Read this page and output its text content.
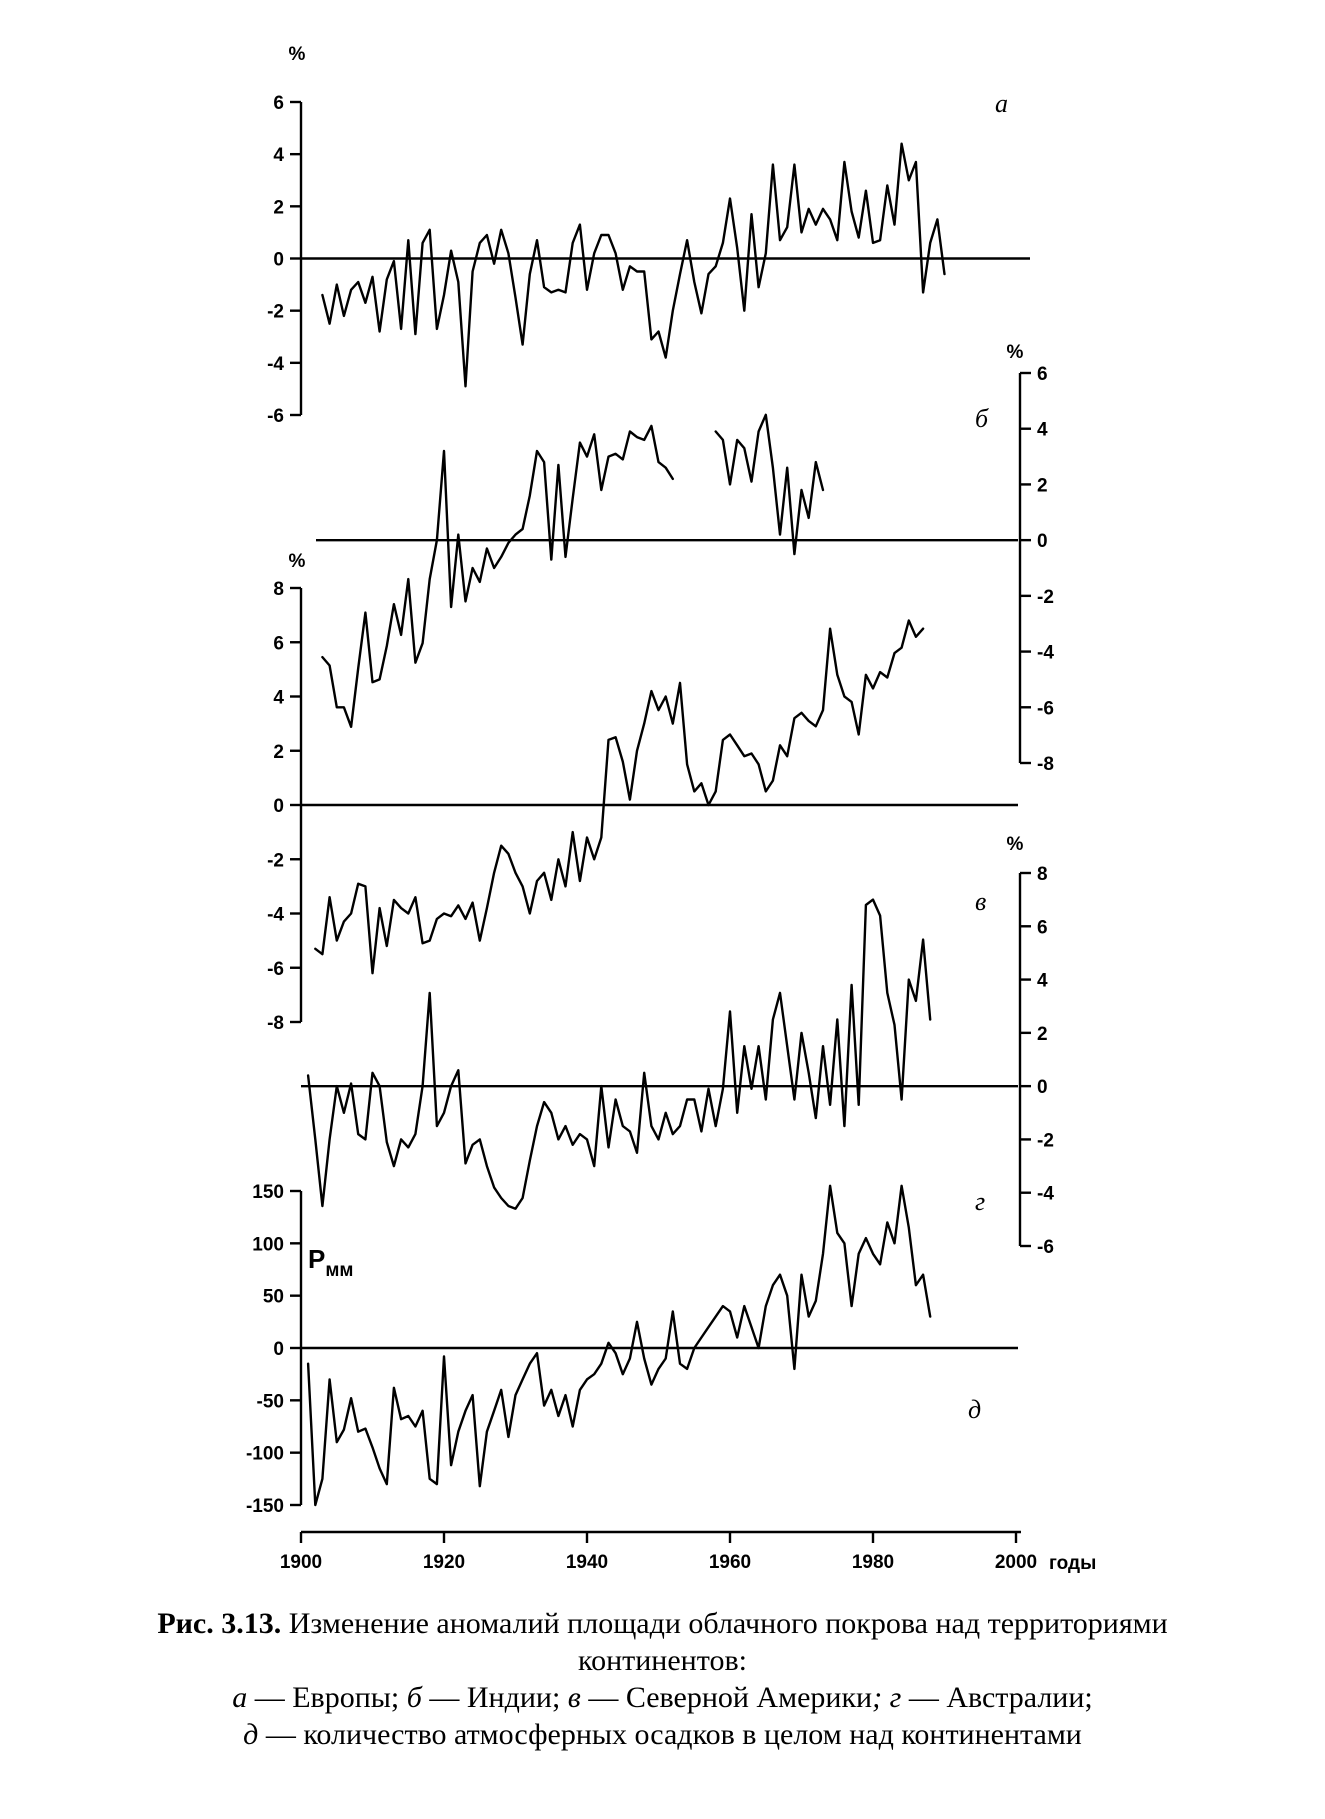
6
4
2
0
-2
-4
-6
%
а
6
4
2
0
-2
-4
-6
-8
%
б
8
6
4
2
0
-2
-4
-6
-8
%
в
8
6
4
2
0
-2
-4
-6
%
г
150
100
50
0
-50
-100
-150
Рмм
д
1900	1920	1940	1960	1980	2000 годы
Рис. 3.13. Изменение аномалий площади облачного покрова над территориями
континентов:
а — Европы; б — Индии; в — Северной Америки; г — Австралии;
д — количество атмосферных осадков в целом над континентами
